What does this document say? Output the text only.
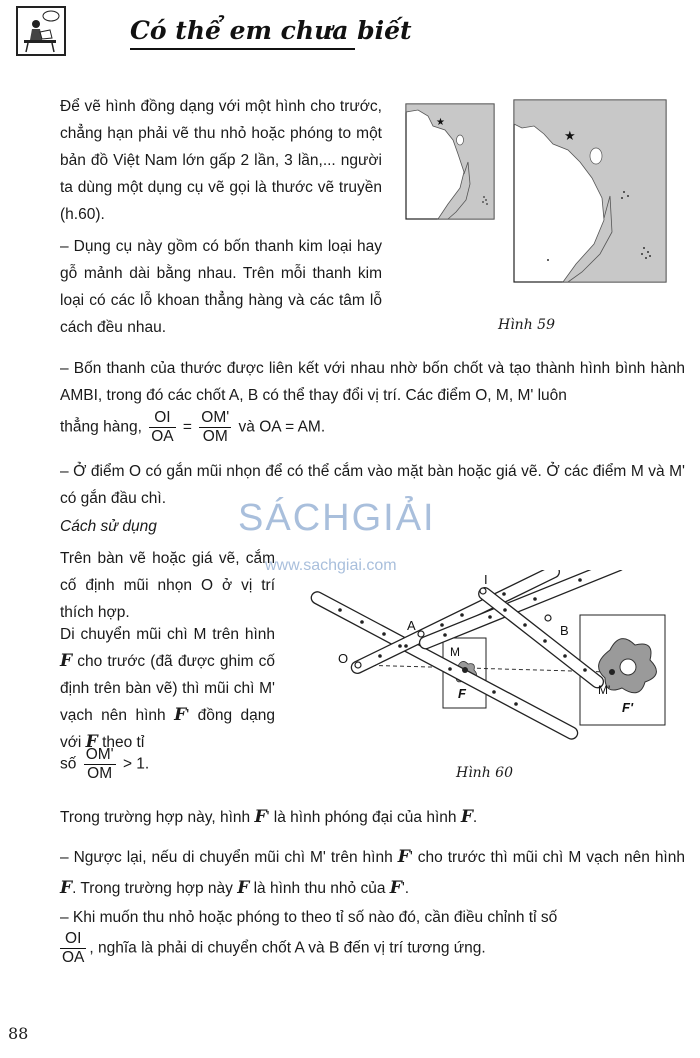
Có thể em chưa biết

Để vẽ hình đồng dạng với một hình cho trước, chẳng hạn phải vẽ thu nhỏ hoặc phóng to một bản đồ Việt Nam lớn gấp 2 lần, 3 lần,... người ta dùng một dụng cụ vẽ gọi là thước vẽ truyền (h.60).

– Dụng cụ này gồm có bốn thanh kim loại hay gỗ mảnh dài bằng nhau. Trên mỗi thanh kim loại có các lỗ khoan thẳng hàng và các tâm lỗ cách đều nhau.

★
★
Hình 59

– Bốn thanh của thước được liên kết với nhau nhờ bốn chốt và tạo thành hình bình hành AMBI, trong đó các chốt A, B có thể thay đổi vị trí. Các điểm O, M, M' luôn

thẳng hàng, $\frac{OI}{OA} = \frac{OM'}{OM}$ và OA = AM.

– Ở điểm O có gắn mũi nhọn để có thể cắm vào mặt bàn hoặc giá vẽ. Ở các điểm M và M' có gắn đầu chì.	SÁCHGIẢI
www.sachgiai.com
Cách sử dụng

Trên bàn vẽ hoặc giá vẽ, cắm cố định mũi nhọn O ở vị trí thích hợp.

Di chuyển mũi chì M trên hình F cho trước (đã được ghim cố định trên bàn vẽ) thì mũi chì M' vạch nên hình F' đồng dạng với F theo tỉ
số $\frac{OM'}{OM} > 1$.
O
A
I
B
M
M'
F
F'
Hình 60
Trong trường hợp này, hình F' là hình phóng đại của hình F.
– Ngược lại, nếu di chuyển mũi chì M' trên hình F' cho trước thì mũi chì M vạch nên hình F. Trong trường hợp này F là hình thu nhỏ của F'.

– Khi muốn thu nhỏ hoặc phóng to theo tỉ số nào đó, cần điều chỉnh tỉ số

$\frac{OI}{OA}$ , nghĩa là phải di chuyển chốt A và B đến vị trí tương ứng.
88
